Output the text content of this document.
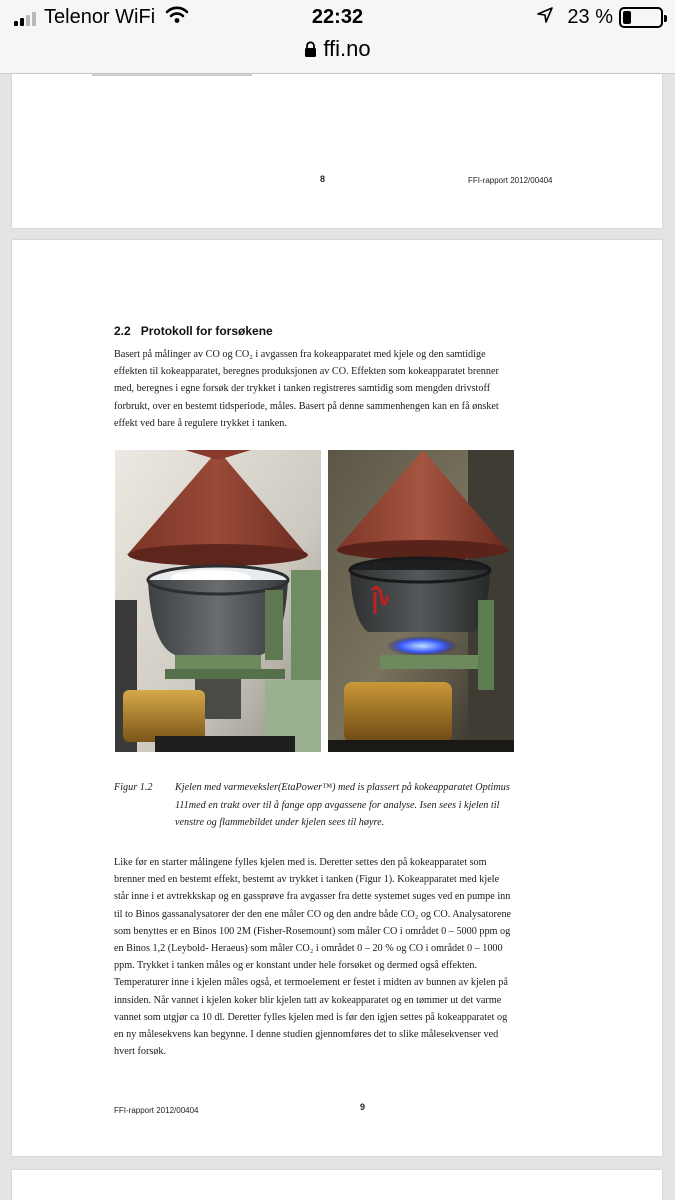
Telenor WiFi	22:32	23 %
ffi.no
8	FFI-rapport 2012/00404
2.2 Protokoll for forsøkene
Basert på målinger av CO og CO₂ i avgassen fra kokeapparatet med kjele og den samtidige
effekten til kokeapparatet, beregnes produksjonen av CO. Effekten som kokeapparatet brenner
med, beregnes i egne forsøk der trykket i tanken registreres samtidig som mengden drivstoff
forbrukt, over en bestemt tidsperiode, måles. Basert på denne sammenhengen kan en få ønsket
effekt ved bare å regulere trykket i tanken.
Figur 1.2 Kjelen med varmeveksler(EtaPower™) med is plassert på kokeapparatet Optimus
111med en trakt over til å fange opp avgassene for analyse. Isen sees i kjelen til
venstre og flammebildet under kjelen sees til høyre.
Like før en starter målingene fylles kjelen med is. Deretter settes den på kokeapparatet som
brenner med en bestemt effekt, bestemt av trykket i tanken (Figur 1). Kokeapparatet med kjele
står inne i et avtrekkskap og en gassprøve fra avgasser fra dette systemet suges ved en pumpe inn
til to Binos gassanalysatorer der den ene måler CO og den andre både CO₂ og CO. Analysatorene
som benyttes er en Binos 100 2M (Fisher-Rosemount) som måler CO i området 0 – 5000 ppm og
en Binos 1,2 (Leybold- Heraeus) som måler CO₂ i området 0 – 20 % og CO i området 0 – 1000
ppm. Trykket i tanken måles og er konstant under hele forsøket og dermed også effekten.
Temperaturer inne i kjelen måles også, et termoelement er festet i midten av bunnen av kjelen på
innsiden. Når vannet i kjelen koker blir kjelen tatt av kokeapparatet og en tømmer ut det varme
vannet som utgjør ca 10 dl. Deretter fylles kjelen med is før den igjen settes på kokeapparatet og
en ny målesekvens kan begynne. I denne studien gjennomføres det to slike målesekvenser ved
hvert forsøk.
FFI-rapport 2012/00404	9
